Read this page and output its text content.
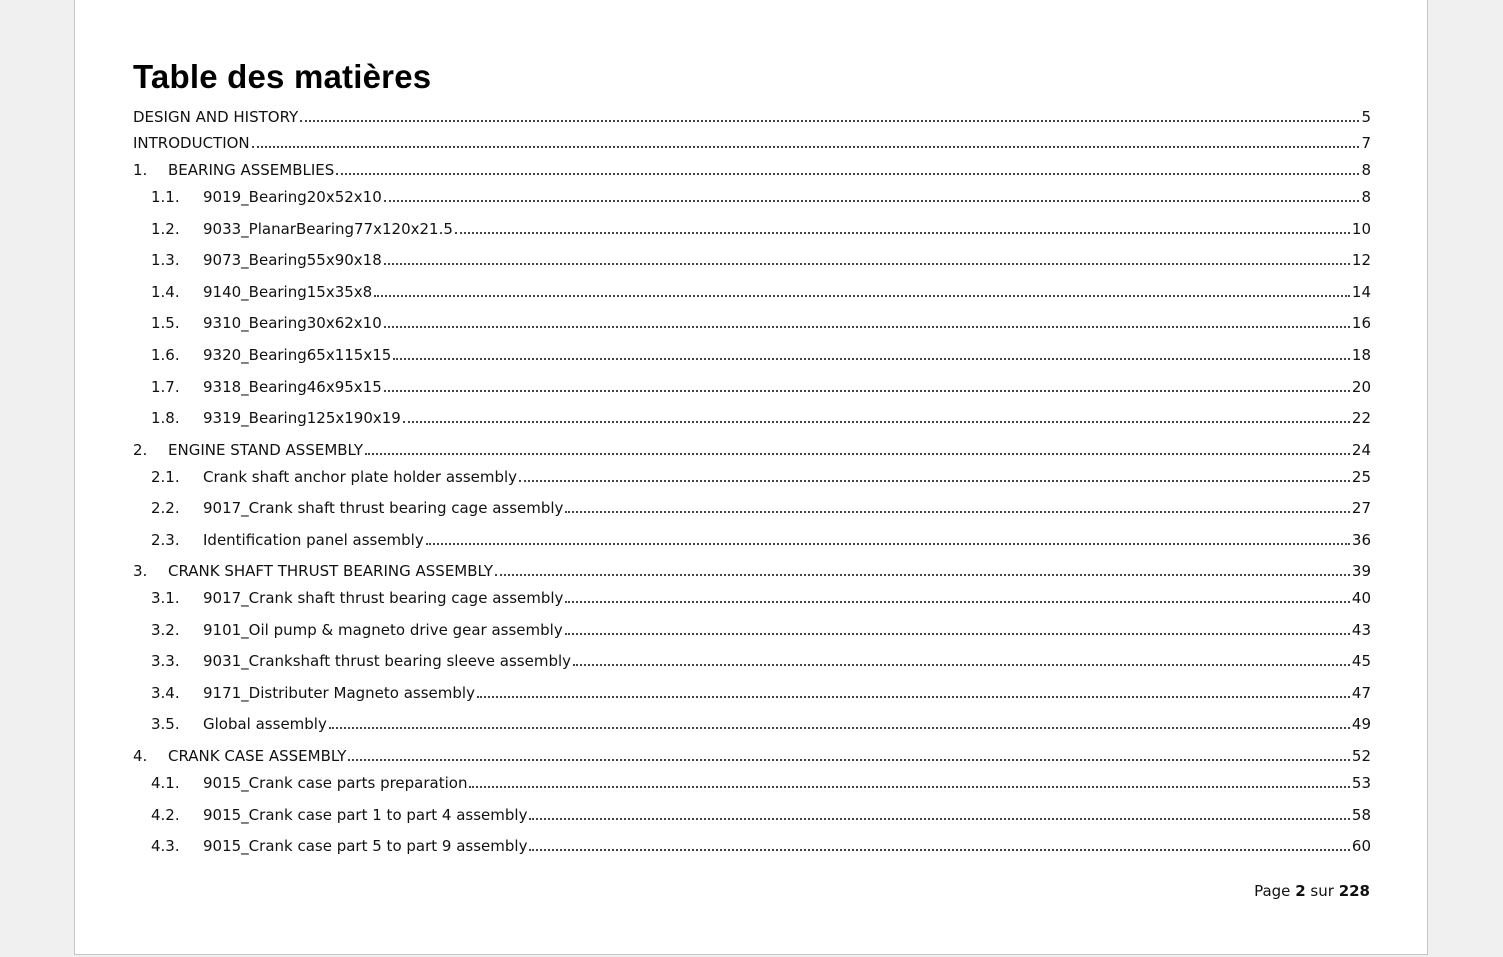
Table des matières
DESIGN AND HISTORY	5
INTRODUCTION	7
1.	BEARING ASSEMBLIES	8
1.1.	9019_Bearing20x52x10	8
1.2.	9033_PlanarBearing77x120x21.5	10
1.3.	9073_Bearing55x90x18	12
1.4.	9140_Bearing15x35x8	14
1.5.	9310_Bearing30x62x10	16
1.6.	9320_Bearing65x115x15	18
1.7.	9318_Bearing46x95x15	20
1.8.	9319_Bearing125x190x19	22
2.	ENGINE STAND ASSEMBLY	24
2.1.	Crank shaft anchor plate holder assembly	25
2.2.	9017_Crank shaft thrust bearing cage assembly	27
2.3.	Identification panel assembly	36
3.	CRANK SHAFT THRUST BEARING ASSEMBLY	39
3.1.	9017_Crank shaft thrust bearing cage assembly	40
3.2.	9101_Oil pump & magneto drive gear assembly	43
3.3.	9031_Crankshaft thrust bearing sleeve assembly	45
3.4.	9171_Distributer Magneto assembly	47
3.5.	Global assembly	49
4.	CRANK CASE ASSEMBLY	52
4.1.	9015_Crank case parts preparation	53
4.2.	9015_Crank case part 1 to part 4 assembly	58
4.3.	9015_Crank case part 5 to part 9 assembly	60
Page 2 sur 228
